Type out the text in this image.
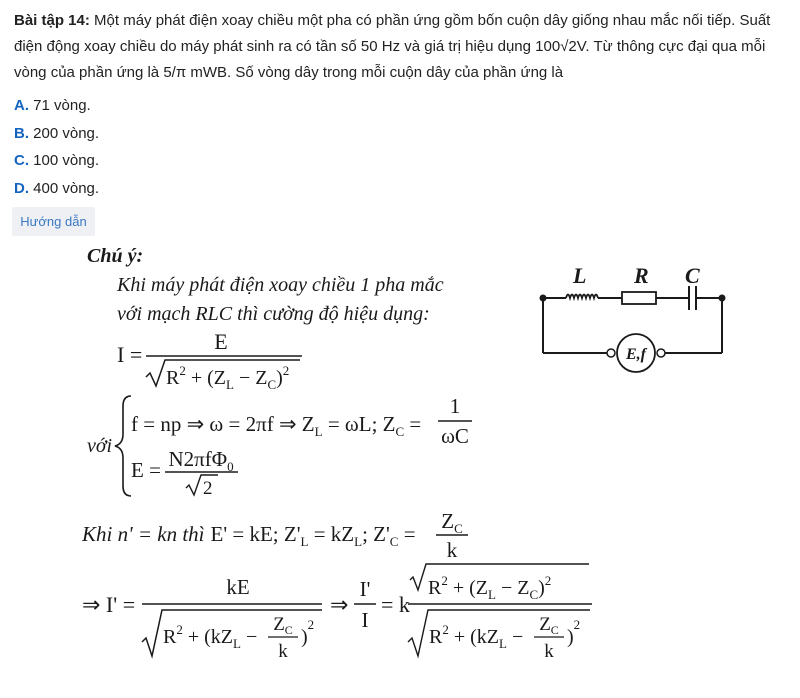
Bài tập 14: Một máy phát điện xoay chiều một pha có phần ứng gồm bốn cuộn dây giống nhau mắc nối tiếp. Suất điện động xoay chiều do máy phát sinh ra có tần số 50 Hz và giá trị hiệu dụng 100√2V. Từ thông cực đại qua mỗi vòng của phần ứng là 5/π mWB. Số vòng dây trong mỗi cuộn dây của phần ứng là
A. 71 vòng.
B. 200 vòng.
C. 100 vòng.
D. 400 vòng.
Hướng dẫn
Chú ý:
Khi máy phát điện xoay chiều 1 pha mắc
với mạch RLC thì cường độ hiệu dụng:
L R C
E,f
I =
E
$R^2 + (Z_L - Z_C)^2$
với
f = np ⇒ ω = 2πf ⇒ $Z_L = \omega L$; $Z_C$ =
1
ωC
E = N2πfΦ$_0$
2
Khi n' = kn thì E' = kE; $Z'_L = kZ_L$; $Z'_C$ =
$Z_C$
k
⇒ I' =
kE
$R^2 + (kZ_L$ −
$Z_C$
k
)$^2$
⇒
I'
I
= k
$R^2 + (Z_L - Z_C)^2$
$R^2 + (kZ_L$ −
$Z_C$
k
)$^2$
